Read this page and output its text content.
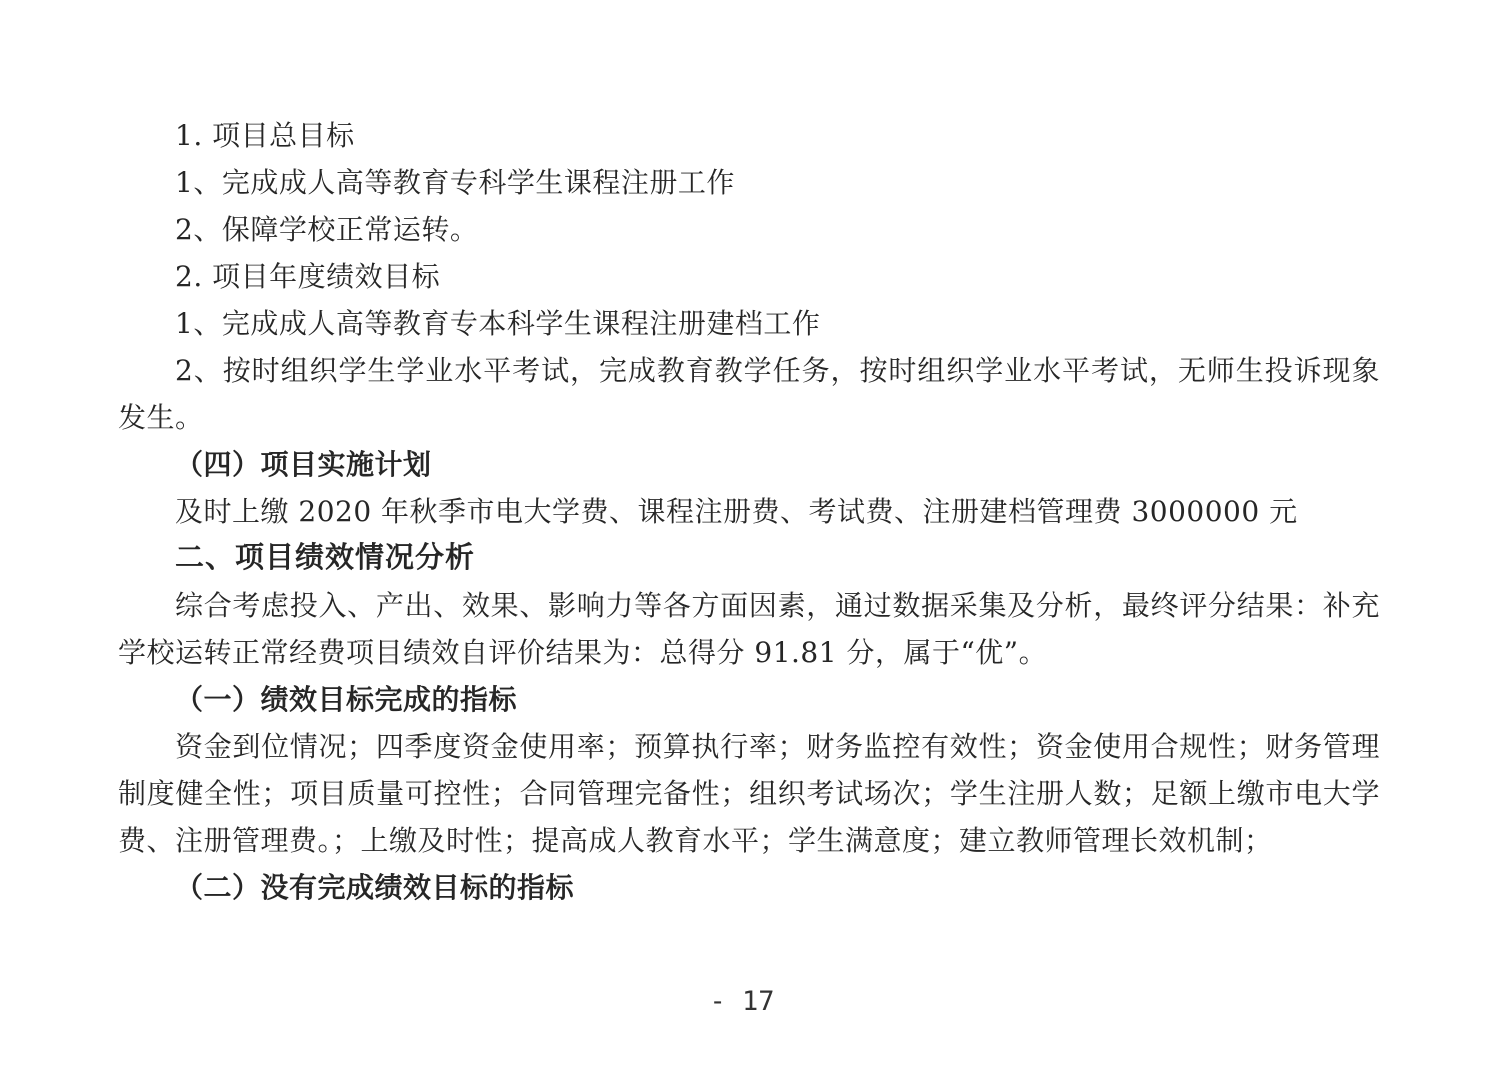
1. 项目总目标

1、完成成人高等教育专科学生课程注册工作

2、保障学校正常运转。

2. 项目年度绩效目标

1、完成成人高等教育专本科学生课程注册建档工作

2、按时组织学生学业水平考试，完成教育教学任务，按时组织学业水平考试，无师生投诉现象发生。

（四）项目实施计划

及时上缴 2020 年秋季市电大学费、课程注册费、考试费、注册建档管理费 3000000 元

二、项目绩效情况分析

综合考虑投入、产出、效果、影响力等各方面因素，通过数据采集及分析，最终评分结果：补充学校运转正常经费项目绩效自评价结果为：总得分 91.81 分，属于“优”。

（一）绩效目标完成的指标

资金到位情况；四季度资金使用率；预算执行率；财务监控有效性；资金使用合规性；财务管理制度健全性；项目质量可控性；合同管理完备性；组织考试场次；学生注册人数；足额上缴市电大学费、注册管理费。；上缴及时性；提高成人教育水平；学生满意度；建立教师管理长效机制；

（二）没有完成绩效目标的指标

- 17
